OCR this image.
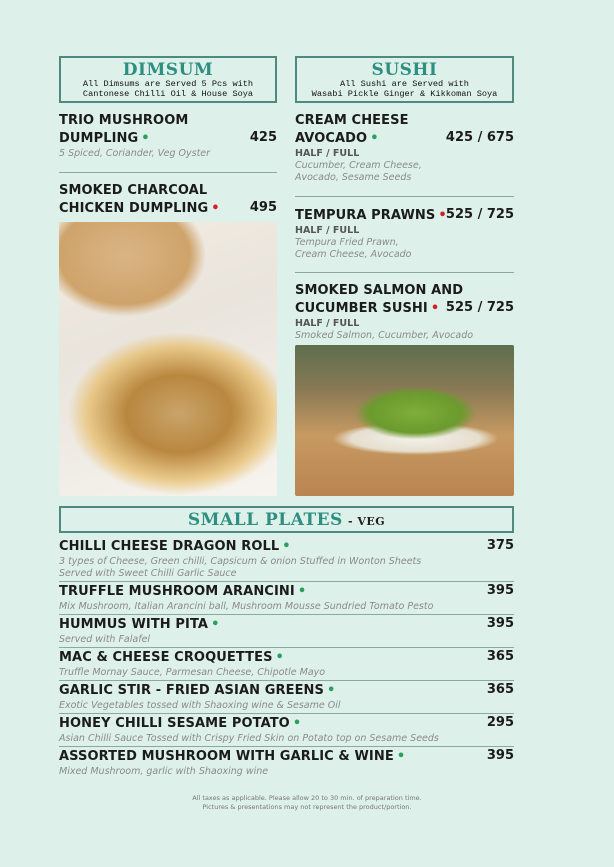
DIMSUM
All Dimsums are Served 5 Pcs with
Cantonese Chilli Oil & House Soya
SUSHI
All Sushi are Served with
Wasabi Pickle Ginger & Kikkoman Soya
TRIO MUSHROOM
DUMPLING •	425
5 Spiced, Coriander, Veg Oyster
SMOKED CHARCOAL
CHICKEN DUMPLING •	495
CREAM CHEESE
AVOCADO •	425 / 675
HALF / FULL
Cucumber, Cream Cheese,
Avocado, Sesame Seeds
TEMPURA PRAWNS • 525 / 725
HALF / FULL
Tempura Fried Prawn,
Cream Cheese, Avocado
SMOKED SALMON AND
CUCUMBER SUSHI • 525 / 725
HALF / FULL
Smoked Salmon, Cucumber, Avocado
SMALL PLATES - VEG
CHILLI CHEESE DRAGON ROLL •	375
3 types of Cheese, Green chilli, Capsicum & onion Stuffed in Wonton Sheets
Served with Sweet Chilli Garlic Sauce
TRUFFLE MUSHROOM ARANCINI •	395
Mix Mushroom, Italian Arancini ball, Mushroom Mousse Sundried Tomato Pesto
HUMMUS WITH PITA •	395
Served with Falafel
MAC & CHEESE CROQUETTES •	365
Truffle Mornay Sauce, Parmesan Cheese, Chipotle Mayo
GARLIC STIR - FRIED ASIAN GREENS •	365
Exotic Vegetables tossed with Shaoxing wine & Sesame Oil
HONEY CHILLI SESAME POTATO •	295
Asian Chilli Sauce Tossed with Crispy Fried Skin on Potato top on Sesame Seeds
ASSORTED MUSHROOM WITH GARLIC & WINE •	395
Mixed Mushroom, garlic with Shaoxing wine
All taxes as applicable. Please allow 20 to 30 min. of preparation time.
Pictures & presentations may not represent the product/portion.
